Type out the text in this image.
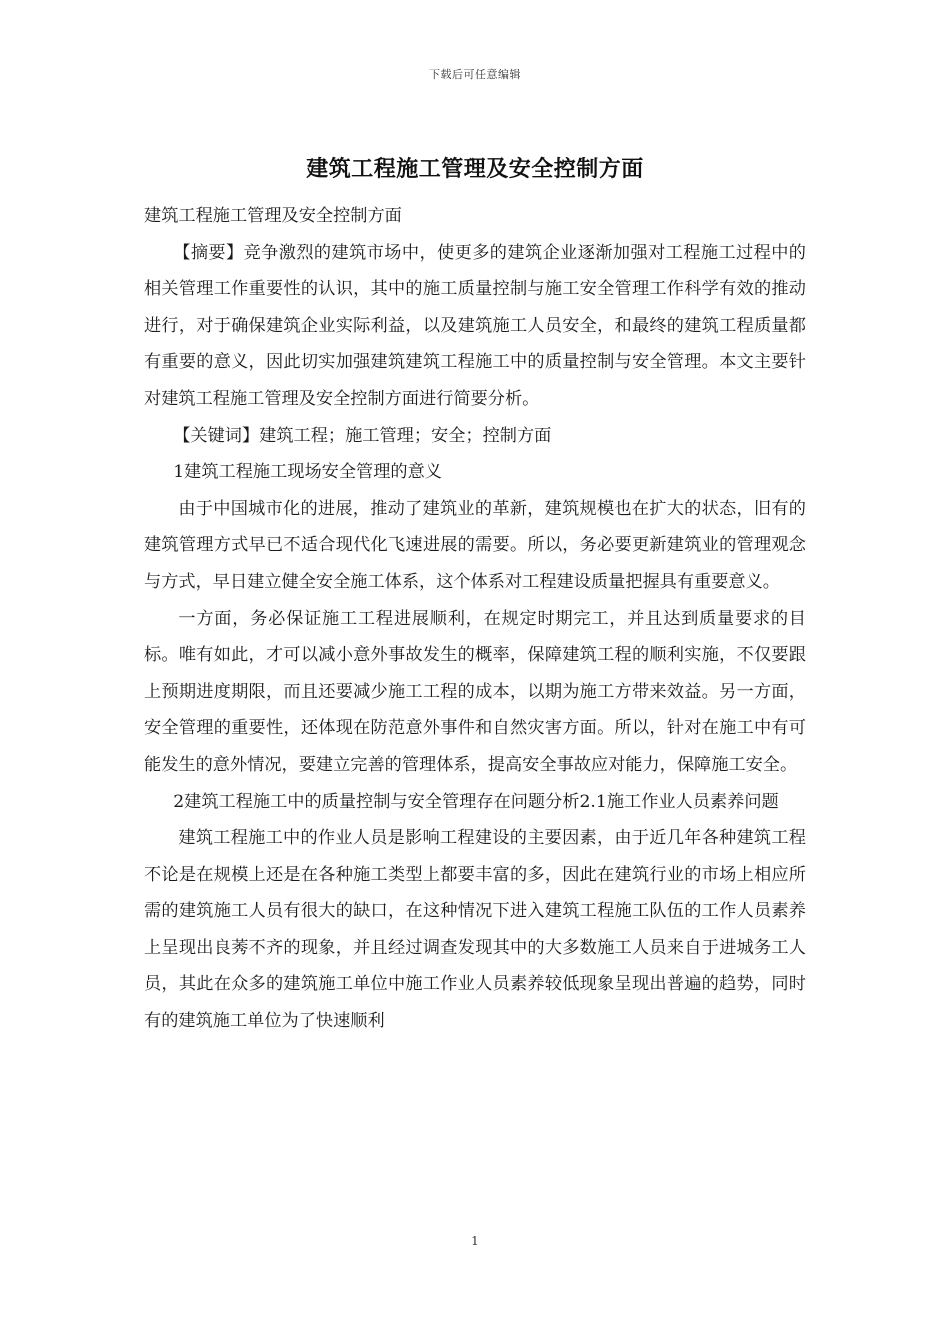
下载后可任意编辑
建筑工程施工管理及安全控制方面

建筑工程施工管理及安全控制方面

【摘要】竞争激烈的建筑市场中，使更多的建筑企业逐渐加强对工程施工过程中的相关管理工作重要性的认识，其中的施工质量控制与施工安全管理工作科学有效的推动进行，对于确保建筑企业实际利益，以及建筑施工人员安全，和最终的建筑工程质量都有重要的意义，因此切实加强建筑建筑工程施工中的质量控制与安全管理。本文主要针对建筑工程施工管理及安全控制方面进行简要分析。

【关键词】建筑工程；施工管理；安全；控制方面

1建筑工程施工现场安全管理的意义

由于中国城市化的进展，推动了建筑业的革新，建筑规模也在扩大的状态，旧有的建筑管理方式早已不适合现代化飞速进展的需要。所以，务必要更新建筑业的管理观念与方式，早日建立健全安全施工体系，这个体系对工程建设质量把握具有重要意义。

一方面，务必保证施工工程进展顺利，在规定时期完工，并且达到质量要求的目标。唯有如此，才可以减小意外事故发生的概率，保障建筑工程的顺利实施，不仅要跟上预期进度期限，而且还要减少施工工程的成本，以期为施工方带来效益。另一方面，安全管理的重要性，还体现在防范意外事件和自然灾害方面。所以，针对在施工中有可能发生的意外情况，要建立完善的管理体系，提高安全事故应对能力，保障施工安全。

2建筑工程施工中的质量控制与安全管理存在问题分析2.1施工作业人员素养问题

建筑工程施工中的作业人员是影响工程建设的主要因素，由于近几年各种建筑工程不论是在规模上还是在各种施工类型上都要丰富的多，因此在建筑行业的市场上相应所需的建筑施工人员有很大的缺口，在这种情况下进入建筑工程施工队伍的工作人员素养上呈现出良莠不齐的现象，并且经过调查发现其中的大多数施工人员来自于进城务工人员，其此在众多的建筑施工单位中施工作业人员素养较低现象呈现出普遍的趋势，同时有的建筑施工单位为了快速顺利

1
